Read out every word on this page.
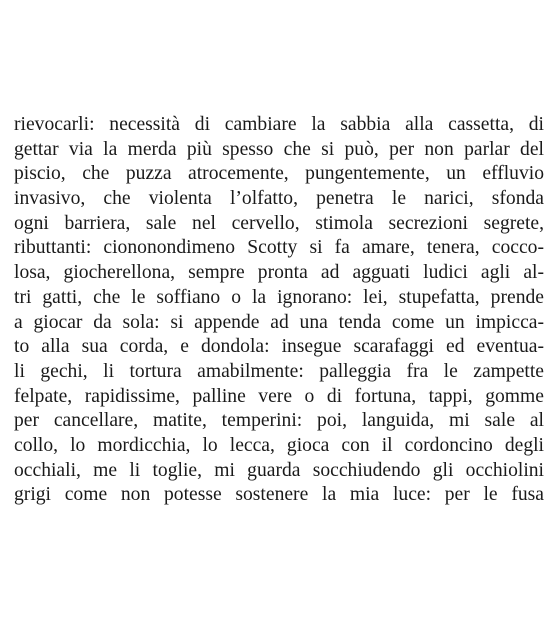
rievocarli: necessità di cambiare la sabbia alla cassetta, di
gettar via la merda più spesso che si può, per non parlar del
piscio, che puzza atrocemente, pungentemente, un effluvio
invasivo, che violenta l’olfatto, penetra le narici, sfonda
ogni barriera, sale nel cervello, stimola secrezioni segrete,
ributtanti: ciononondimeno Scotty si fa amare, tenera, cocco-
losa, giocherellona, sempre pronta ad agguati ludici agli al-
tri gatti, che le soffiano o la ignorano: lei, stupefatta, prende
a giocar da sola: si appende ad una tenda come un impicca-
to alla sua corda, e dondola: insegue scarafaggi ed eventua-
li gechi, li tortura amabilmente: palleggia fra le zampette
felpate, rapidissime, palline vere o di fortuna, tappi, gomme
per cancellare, matite, temperini: poi, languida, mi sale al
collo, lo mordicchia, lo lecca, gioca con il cordoncino degli
occhiali, me li toglie, mi guarda socchiudendo gli occhiolini
grigi come non potesse sostenere la mia luce: per le fusa
